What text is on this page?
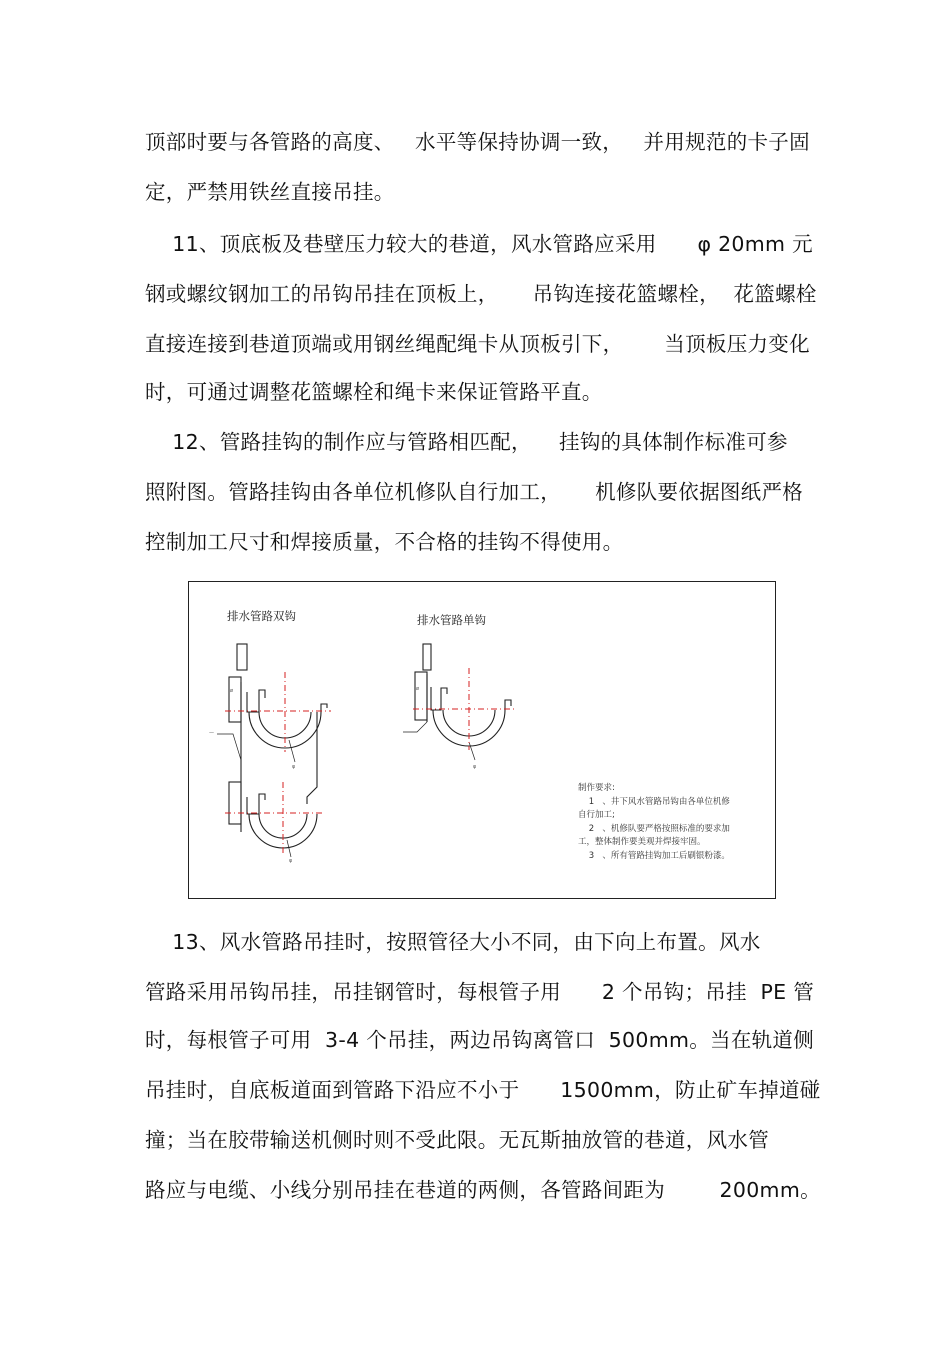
顶部时要与各管路的高度、   水平等保持协调一致，   并用规范的卡子固
定，严禁用铁丝直接吊挂。
11、顶底板及巷壁压力较大的巷道，风水管路应采用      φ 20mm 元
钢或螺纹钢加工的吊钩吊挂在顶板上，     吊钩连接花篮螺栓，  花篮螺栓
直接连接到巷道顶端或用钢丝绳配绳卡从顶板引下，      当顶板压力变化
时，可通过调整花篮螺栓和绳卡来保证管路平直。
12、管路挂钩的制作应与管路相匹配，    挂钩的具体制作标准可参
照附图。管路挂钩由各单位机修队自行加工，     机修队要依据图纸严格
控制加工尺寸和焊接质量，不合格的挂钩不得使用。
ø
—
φ
φ
ø
φ
排水管路双钩	排水管路单钩
制作要求:
1   、井下风水管路吊钩由各单位机修
自行加工;
2   、机修队要严格按照标准的要求加
工，整体制作要美观并焊接牢固。
3   、所有管路挂钩加工后刷银粉漆。
13、风水管路吊挂时，按照管径大小不同，由下向上布置。风水
管路采用吊钩吊挂，吊挂钢管时，每根管子用      2 个吊钩；吊挂  PE 管
时，每根管子可用  3-4 个吊挂，两边吊钩离管口  500mm。当在轨道侧
吊挂时，自底板道面到管路下沿应不小于      1500mm，防止矿车掉道碰
撞；当在胶带输送机侧时则不受此限。无瓦斯抽放管的巷道，风水管
路应与电缆、小线分别吊挂在巷道的两侧，各管路间距为        200mm。
